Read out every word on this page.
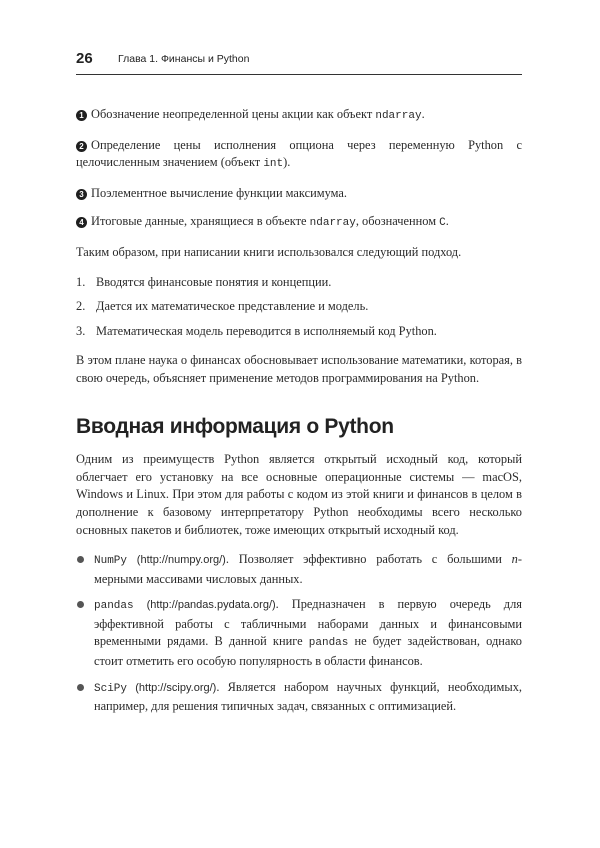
26 Глава 1. Финансы и Python

1 Обозначение неопределенной цены акции как объект ndarray.

2 Определение цены исполнения опциона через переменную Python с целочисленным значением (объект int).

3 Поэлементное вычисление функции максимума.

4 Итоговые данные, хранящиеся в объекте ndarray, обозначенном C.

Таким образом, при написании книги использовался следующий подход.

1. Вводятся финансовые понятия и концепции.
2. Дается их математическое представление и модель.
3. Математическая модель переводится в исполняемый код Python.

В этом плане наука о финансах обосновывает использование математики, которая, в свою очередь, объясняет применение методов программирования на Python.

Вводная информация о Python

Одним из преимуществ Python является открытый исходный код, который облегчает его установку на все основные операционные системы — macOS, Windows и Linux. При этом для работы с кодом из этой книги и финансов в целом в дополнение к базовому интерпретатору Python необходимы всего несколько основных пакетов и библиотек, тоже имеющих открытый исходный код.

NumPy (http://numpy.org/). Позволяет эффективно работать с большими n-мерными массивами числовых данных.
pandas (http://pandas.pydata.org/). Предназначен в первую очередь для эффективной работы с табличными наборами данных и финансовыми временными рядами. В данной книге pandas не будет задействован, однако стоит отметить его особую популярность в области финансов.
SciPy (http://scipy.org/). Является набором научных функций, необходимых, например, для решения типичных задач, связанных с оптимизацией.
